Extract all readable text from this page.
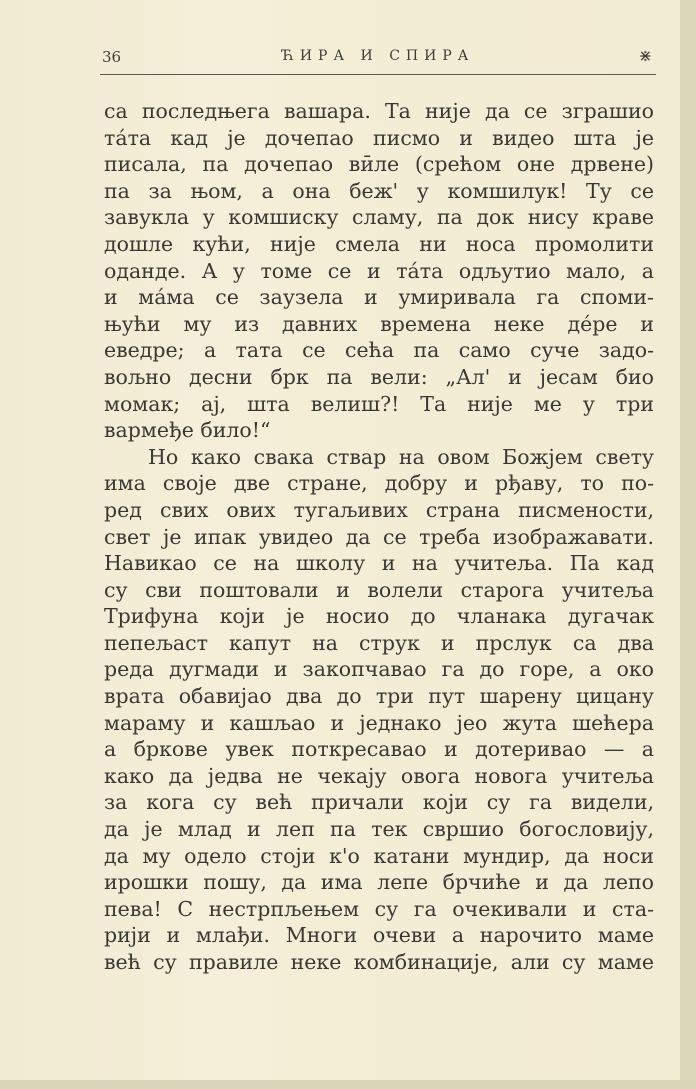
36	ЋИРА И СПИРА	⋇
са последњега вашара. Та није да се зграшио
та́та кад је дочепао писмо и видео шта је
писала, па дочепао вӣле (срећом оне дрвене)
па за њом, а она беж' у комшилук! Ту се
завукла у комшиску сламу, па док нису краве
дошле кући, није смела ни носа промолити
оданде. А у томе се и та́та одљутио мало, а
и ма́ма се заузела и умиривала га споми-
њући му из давних времена неке де́ре и
еведре; а тата се сећа па само суче задо-
вољно десни брк па вели: „Ал' и јесам био
момак; ај, шта велиш?! Та није ме у три
вармеђе било!“
Но како свака ствар на овом Божјем свету
има своје две стране, добру и рђаву, то по-
ред свих ових тугаљивих страна писмености,
свет је ипак увидео да се треба изображавати.
Навикао се на школу и на учитеља. Па кад
су сви поштовали и волели старога учитеља
Трифуна који је носио до чланака дугачак
пепељаст капут на струк и прслук са два
реда дугмади и закопчавао га до горе, а око
врата обавијао два до три пут шарену цицану
мараму и кашљао и једнако јео жута шећера
а бркове увек поткресавао и дотеривао — а
како да једва не чекају овога новога учитеља
за кога су већ причали који су га видели,
да је млад и леп па тек свршио богословију,
да му одело стоји к'о катани мундир, да носи
ирошки пошу, да има лепе брчиће и да лепо
пева! С нестрпљењем су га очекивали и ста-
рији и млађи. Многи очеви а нарочито маме
већ су правиле неке комбинације, али су маме
